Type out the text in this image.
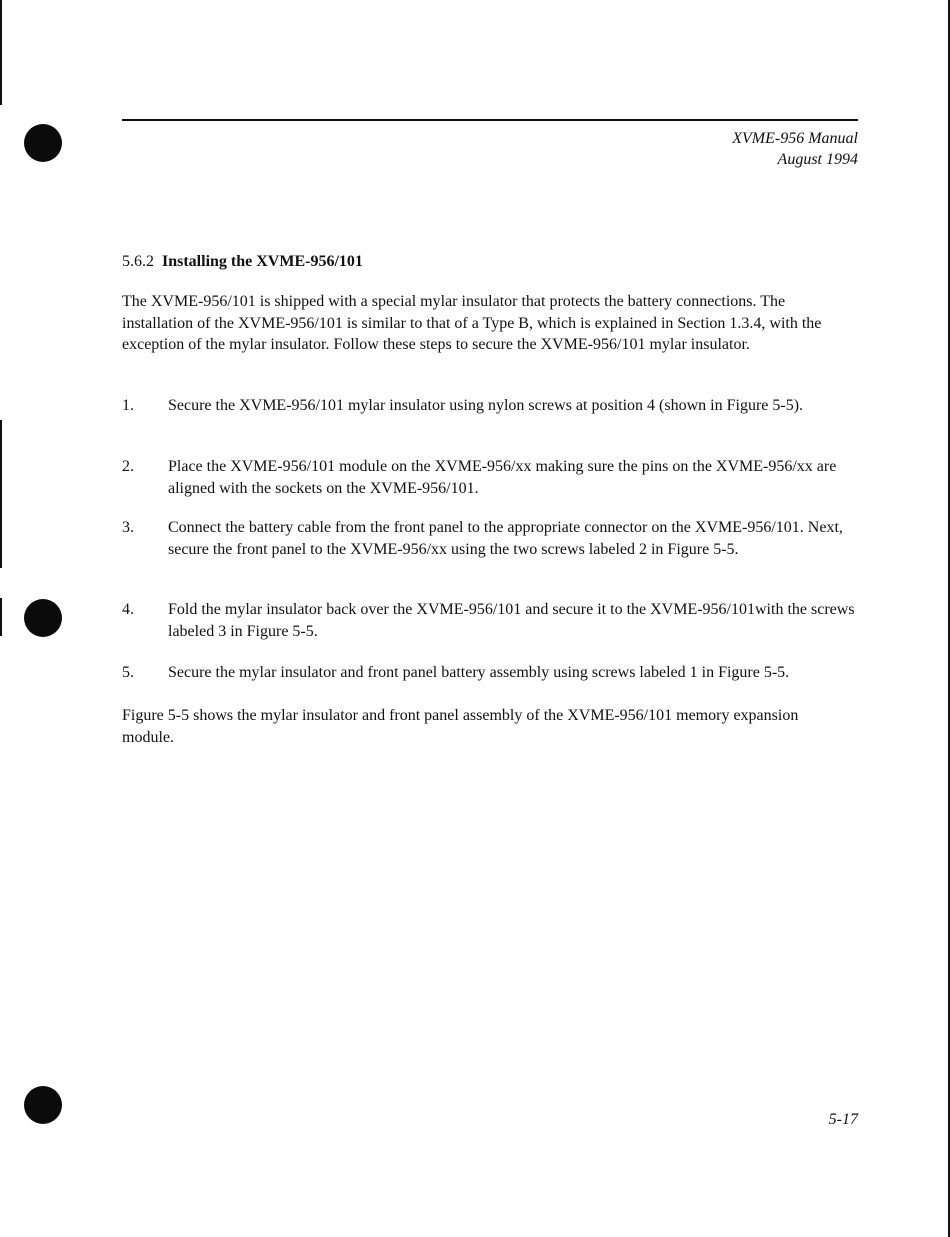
XVME-956 Manual
August 1994
5.6.2 Installing the XVME-956/101
The XVME-956/101 is shipped with a special mylar insulator that protects the battery connections. The installation of the XVME-956/101 is similar to that of a Type B, which is explained in Section 1.3.4, with the exception of the mylar insulator. Follow these steps to secure the XVME-956/101 mylar insulator.
1. Secure the XVME-956/101 mylar insulator using nylon screws at position 4 (shown in Figure 5-5).
2. Place the XVME-956/101 module on the XVME-956/xx making sure the pins on the XVME-956/xx are aligned with the sockets on the XVME-956/101.
3. Connect the battery cable from the front panel to the appropriate connector on the XVME-956/101. Next, secure the front panel to the XVME-956/xx using the two screws labeled 2 in Figure 5-5.
4. Fold the mylar insulator back over the XVME-956/101 and secure it to the XVME-956/101with the screws labeled 3 in Figure 5-5.
5. Secure the mylar insulator and front panel battery assembly using screws labeled 1 in Figure 5-5.
Figure 5-5 shows the mylar insulator and front panel assembly of the XVME-956/101 memory expansion module.
5-17
